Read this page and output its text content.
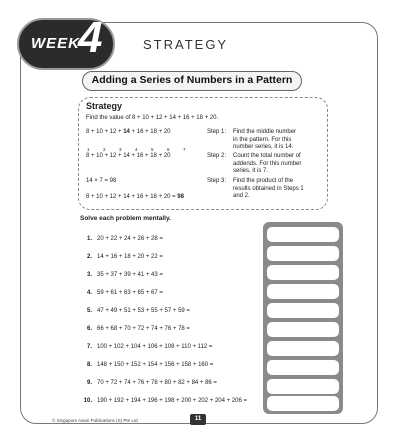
WEEK
4	STRATEGY
Adding a Series of Numbers in a Pattern
Strategy
Find the value of 8 + 10 + 12 + 14 + 16 + 18 + 20.
8 + 10 + 12 + 14 + 16 + 18 + 20
1	2	3	4	5	6	7
8 + 10 + 12 + 14 + 16 + 18 + 20
14 × 7 = 98
8 + 10 + 12 + 14 + 16 + 18 + 20 = 98
Step 1: Find the middle number
in the pattern. For this
number series, it is 14.
Step 2: Count the total number of
addends. For this number
series, it is 7.
Step 3: Find the product of the
results obtained in Steps 1
and 2.
Solve each problem mentally.
1. 20 + 22 + 24 + 26 + 28 =
2. 14 + 16 + 18 + 20 + 22 =
3. 35 + 37 + 39 + 41 + 43 =
4. 59 + 61 + 63 + 65 + 67 =
5. 47 + 49 + 51 + 53 + 55 + 57 + 59 =
6. 66 + 68 + 70 + 72 + 74 + 76 + 78 =
7. 100 + 102 + 104 + 106 + 108 + 110 + 112 =
8. 148 + 150 + 152 + 154 + 156 + 158 + 160 =
9. 70 + 72 + 74 + 76 + 78 + 80 + 82 + 84 + 86 =
10. 190 + 192 + 194 + 196 + 198 + 200 + 202 + 204 + 206 =
© Singapore Asian Publications (S) Pte Ltd	11
